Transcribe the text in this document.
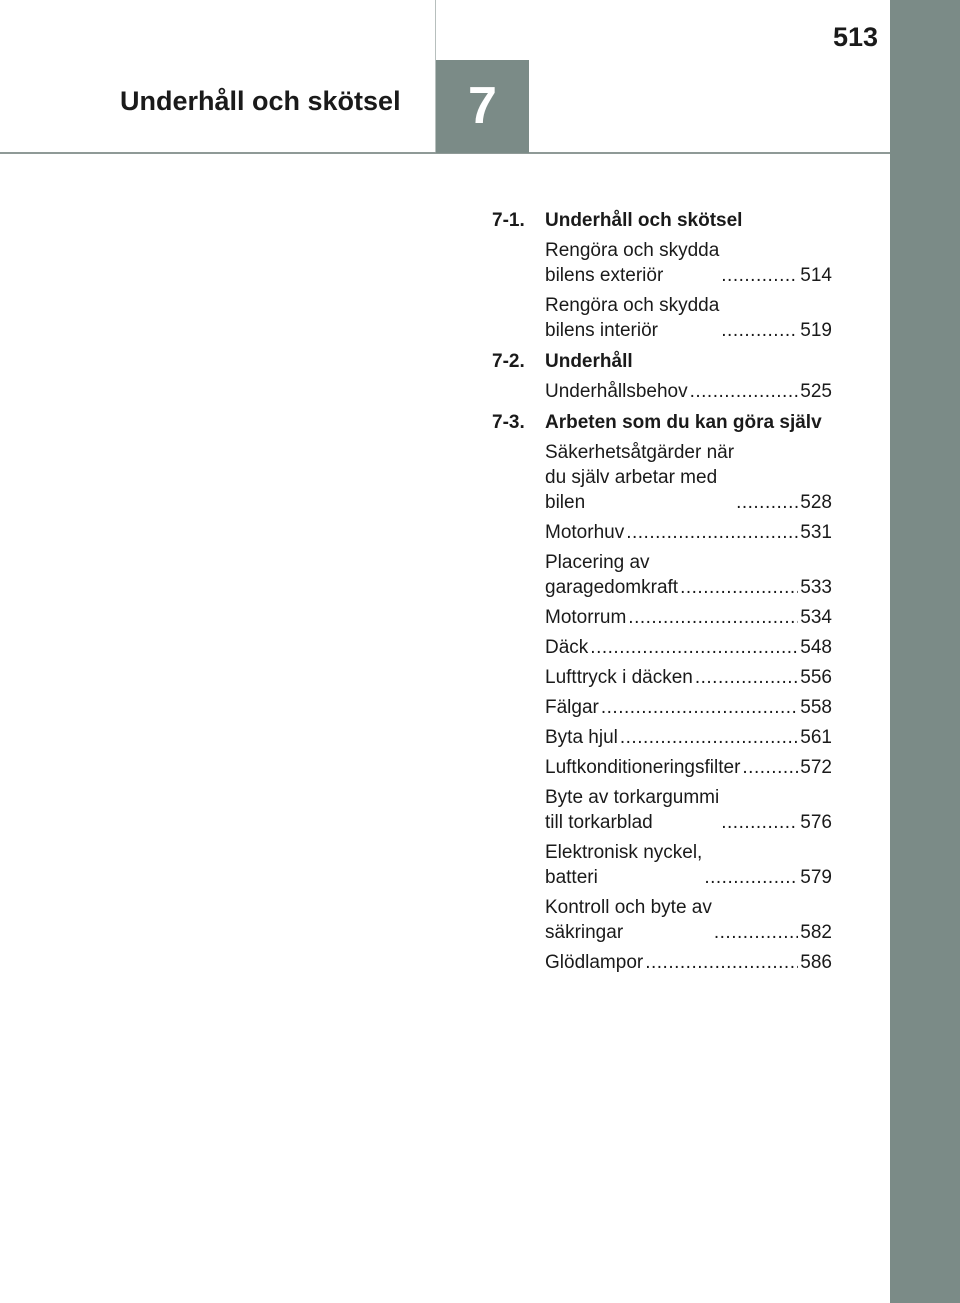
513
Underhåll och skötsel	7
7-1.	Underhåll och skötsel
Rengöra och skydda
bilens exteriör .....	514
Rengöra och skydda
bilens interiör .....	519
7-2.	Underhåll
Underhållsbehov .....	525
7-3.	Arbeten som du kan göra själv
Säkerhetsåtgärder när
du själv arbetar med
bilen .....	528
Motorhuv .....	531
Placering av
garagedomkraft .....	533
Motorrum .....	534
Däck .....	548
Lufttryck i däcken .....	556
Fälgar .....	558
Byta hjul .....	561
Luftkonditioneringsfilter .....	572
Byte av torkargummi
till torkarblad .....	576
Elektronisk nyckel,
batteri .....	579
Kontroll och byte av
säkringar .....	582
Glödlampor .....	586
